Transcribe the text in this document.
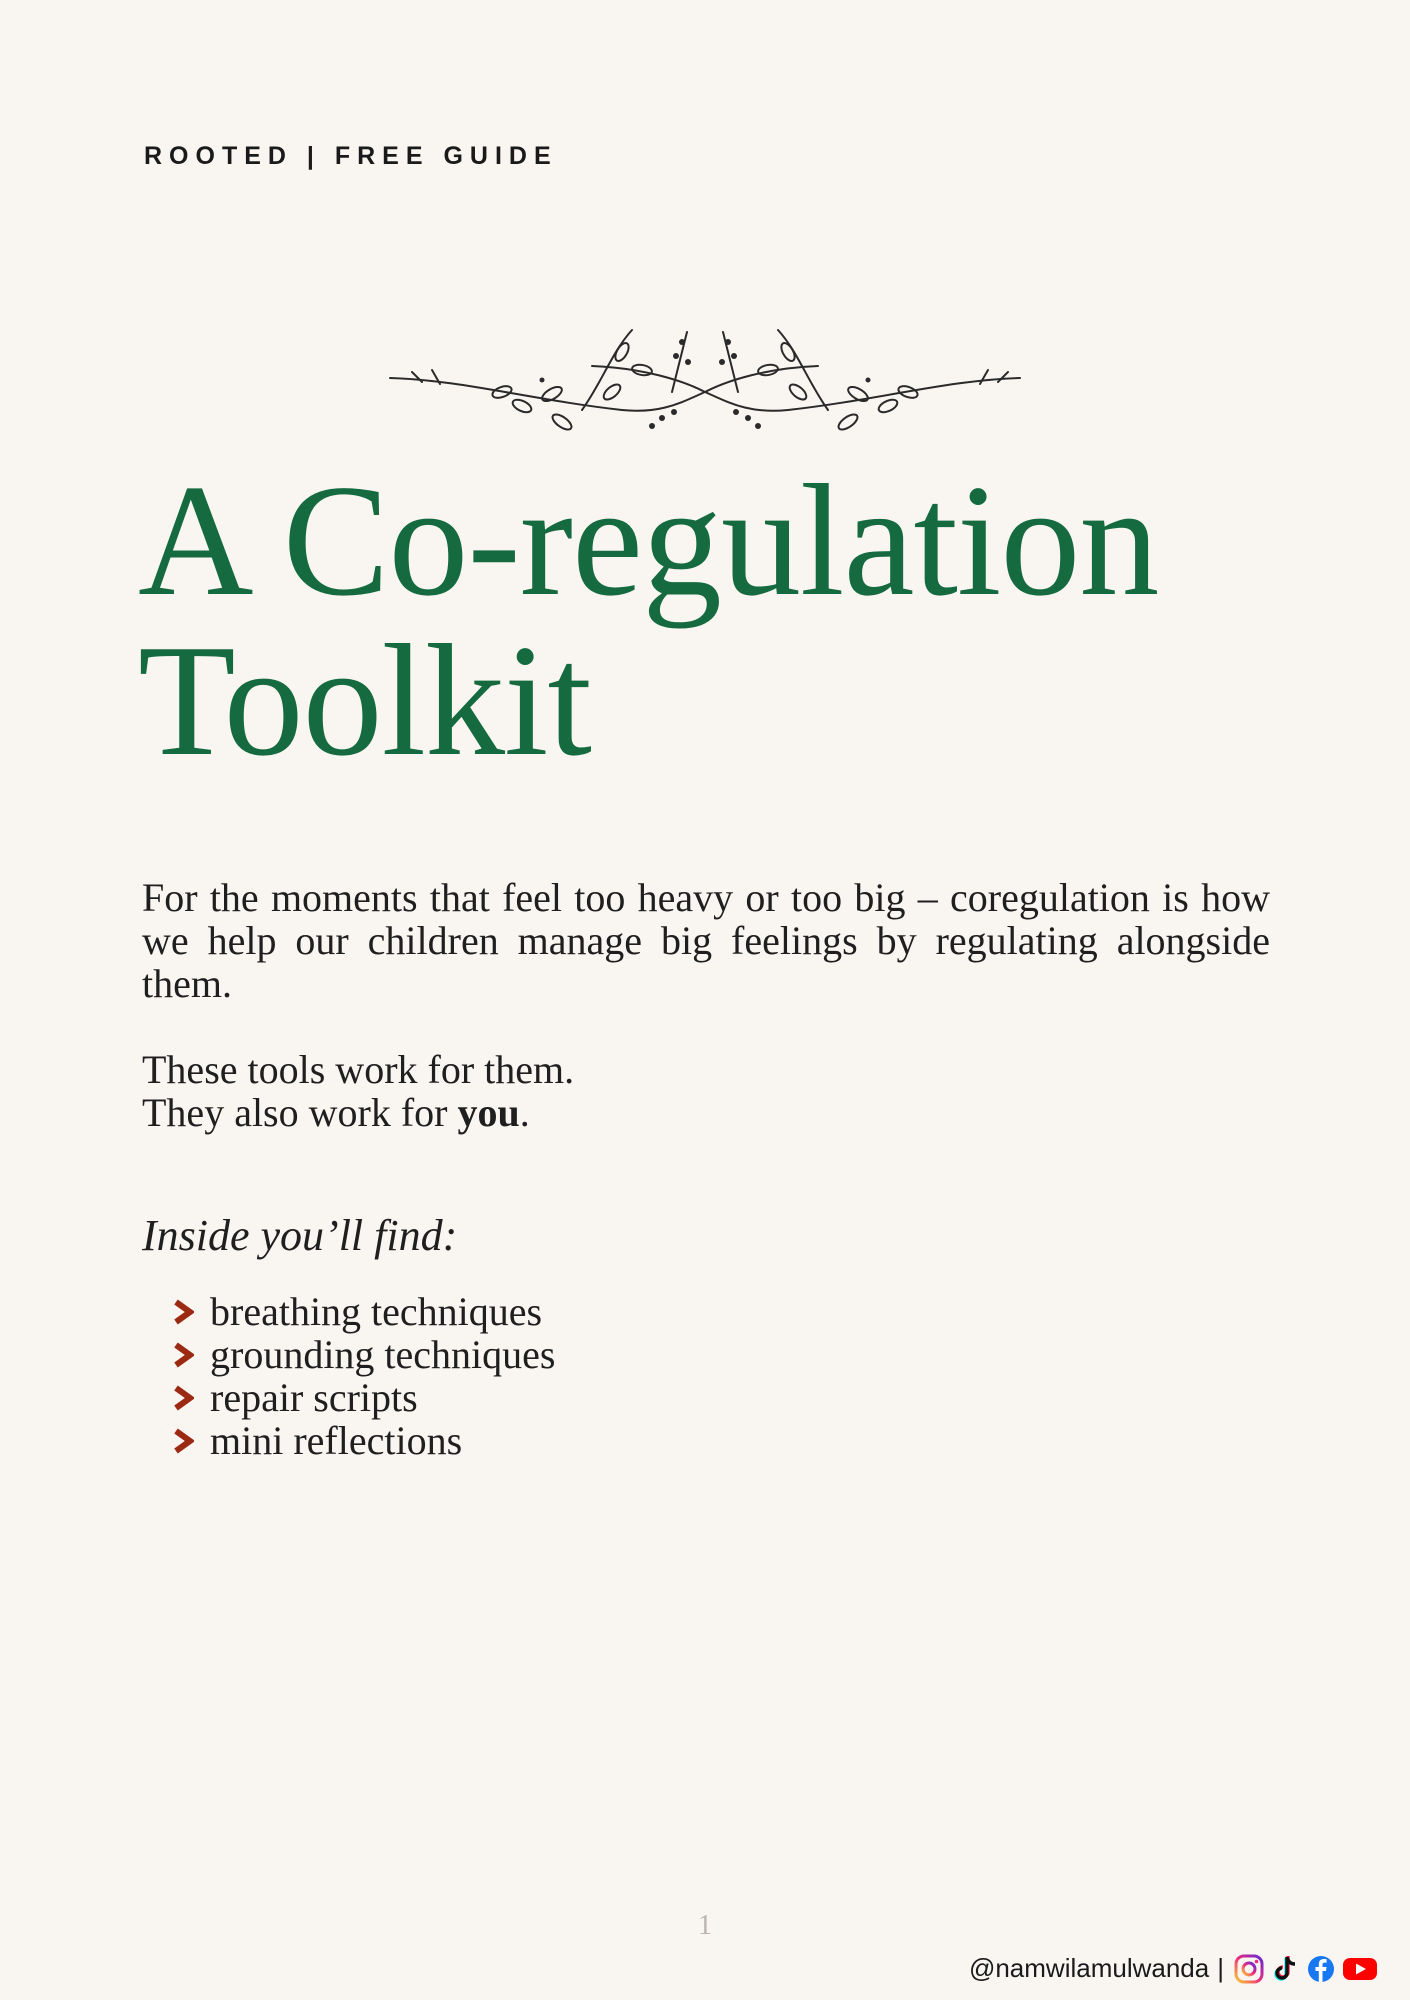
ROOTED | FREE GUIDE
A Co-regulation
Toolkit

For the moments that feel too heavy or too big – coregulation is how we help our children manage big feelings by regulating alongside them.

These tools work for them.
They also work for you.
Inside you’ll find:
breathing techniques
grounding techniques
repair scripts
mini reflections
1
@namwilamulwanda |
